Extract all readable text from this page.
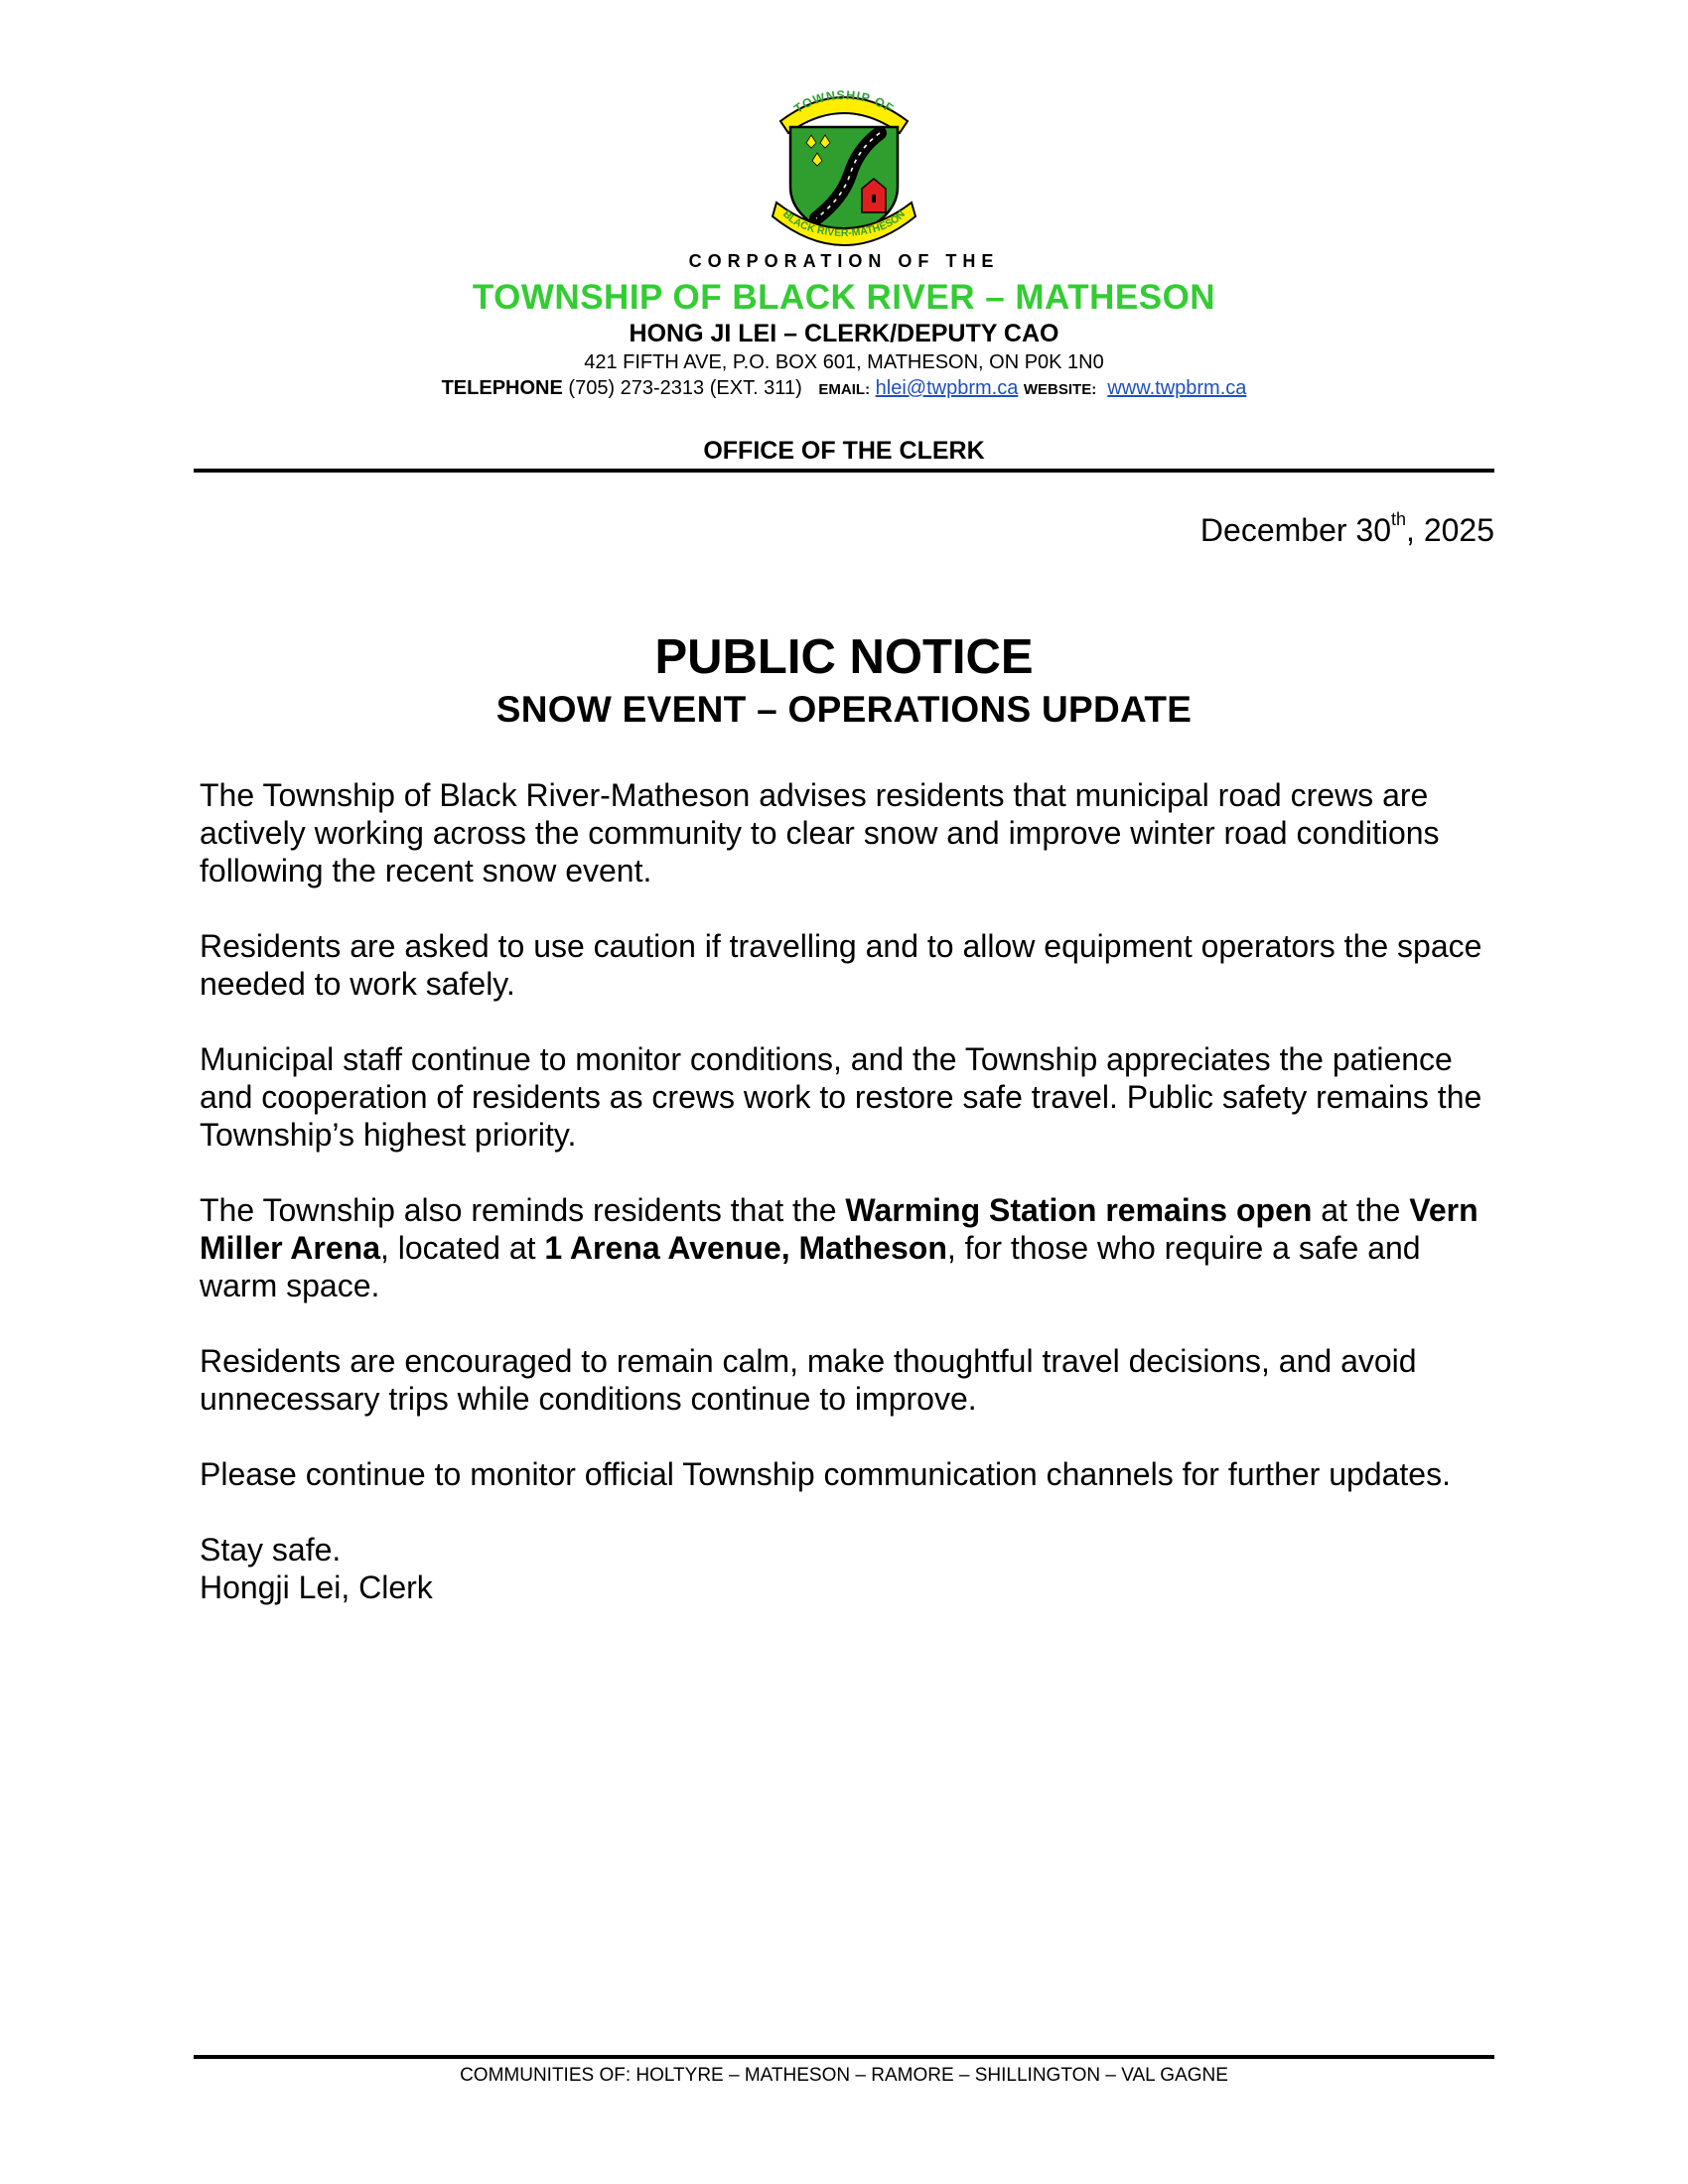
TOWNSHIP OF
BLACK RIVER-MATHESON
CORPORATION OF THE
TOWNSHIP OF BLACK RIVER – MATHESON
HONG JI LEI – CLERK/DEPUTY CAO
421 FIFTH AVE, P.O. BOX 601, MATHESON, ON P0K 1N0
TELEPHONE (705) 273-2313 (EXT. 311) EMAIL: hlei@twpbrm.ca WEBSITE: www.twpbrm.ca
OFFICE OF THE CLERK
December 30th, 2025
PUBLIC NOTICE
SNOW EVENT – OPERATIONS UPDATE

The Township of Black River-Matheson advises residents that municipal road crews are actively working across the community to clear snow and improve winter road conditions following the recent snow event.

Residents are asked to use caution if travelling and to allow equipment operators the space needed to work safely.

Municipal staff continue to monitor conditions, and the Township appreciates the patience and cooperation of residents as crews work to restore safe travel. Public safety remains the Township’s highest priority.

The Township also reminds residents that the Warming Station remains open at the Vern Miller Arena, located at 1 Arena Avenue, Matheson, for those who require a safe and warm space.

Residents are encouraged to remain calm, make thoughtful travel decisions, and avoid unnecessary trips while conditions continue to improve.

Please continue to monitor official Township communication channels for further updates.

Stay safe.

Hongji Lei, Clerk

COMMUNITIES OF: HOLTYRE – MATHESON – RAMORE – SHILLINGTON – VAL GAGNE
